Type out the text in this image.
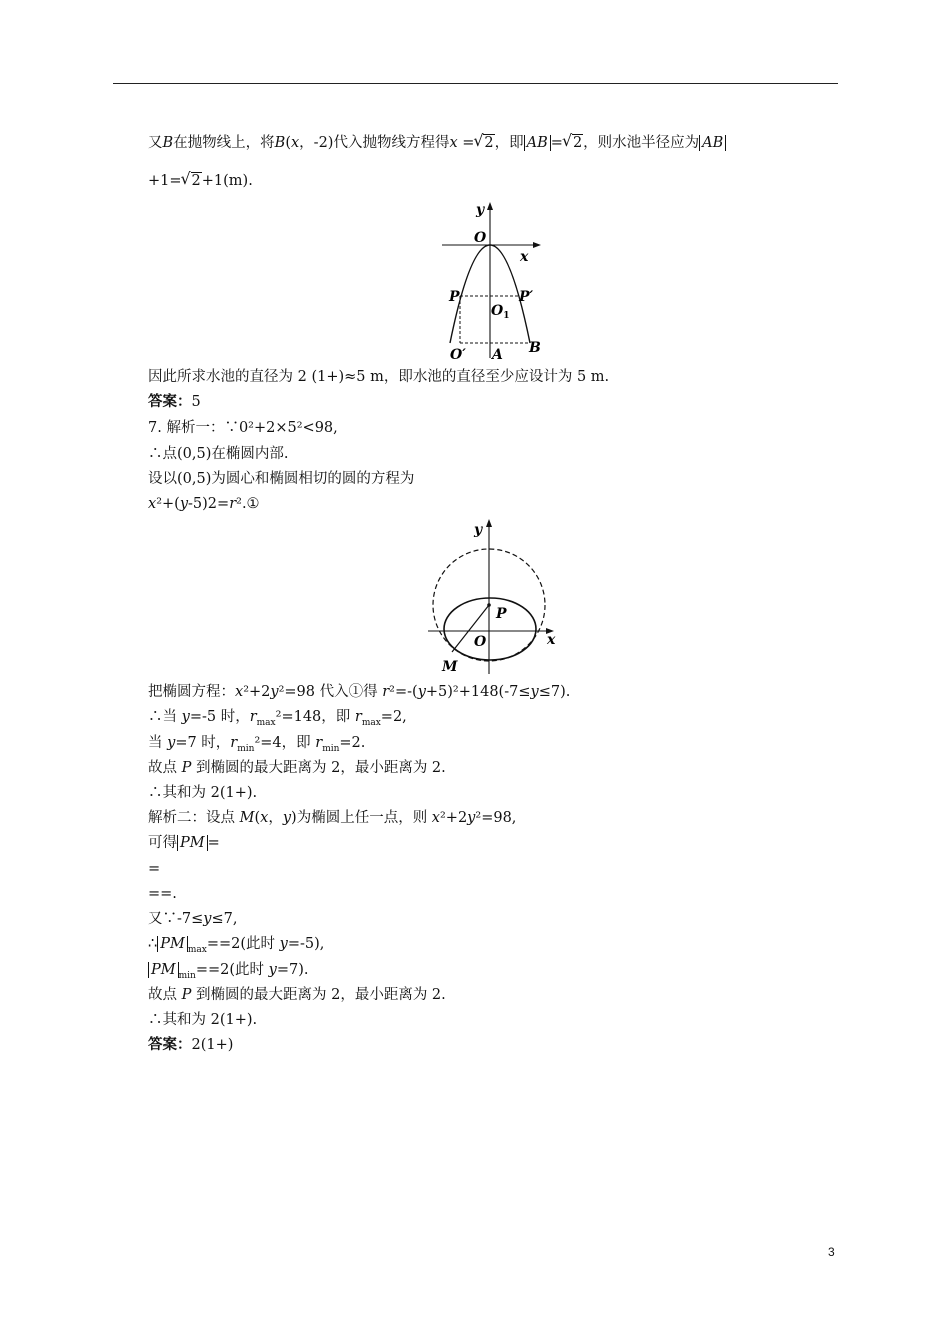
又B在抛物线上，将B(x，-2)代入抛物线方程得x = √ 2，即 AB = √ 2，则水池半径应为 AB
+1= √ 2+1(m).
y
O
x
P	P′
$O_1$
O′ A B
因此所求水池的直径为 2 (1+)≈5 m，即水池的直径至少应设计为 5 m.
答案：5
7. 解析一：∵0²+2×5²<98,
∴点(0,5)在椭圆内部.
设以(0,5)为圆心和椭圆相切的圆的方程为
x²+(y-5)2=r².①
y
P
O	x
M
把椭圆方程：x²+2y²=98 代入①得 r²=-(y+5)²+148(-7≤y≤7).
∴当 y=-5 时，$r_{max}^2=148$，即 $r_{max}=2$,
当 y=7 时，$r_{min}^2=4$，即 $r_{min}=2$.
故点 P 到椭圆的最大距离为 2，最小距离为 2.
∴其和为 2(1+).
解析二：设点 M(x，y)为椭圆上任一点，则 x²+2y²=98,
可得 PM =
=
==.
又∵-7≤y≤7,
∴ PM $_{max}$==2(此时 y=-5),
PM $_{min}$==2(此时 y=7).
故点 P 到椭圆的最大距离为 2，最小距离为 2.
∴其和为 2(1+).
答案：2(1+)
3
